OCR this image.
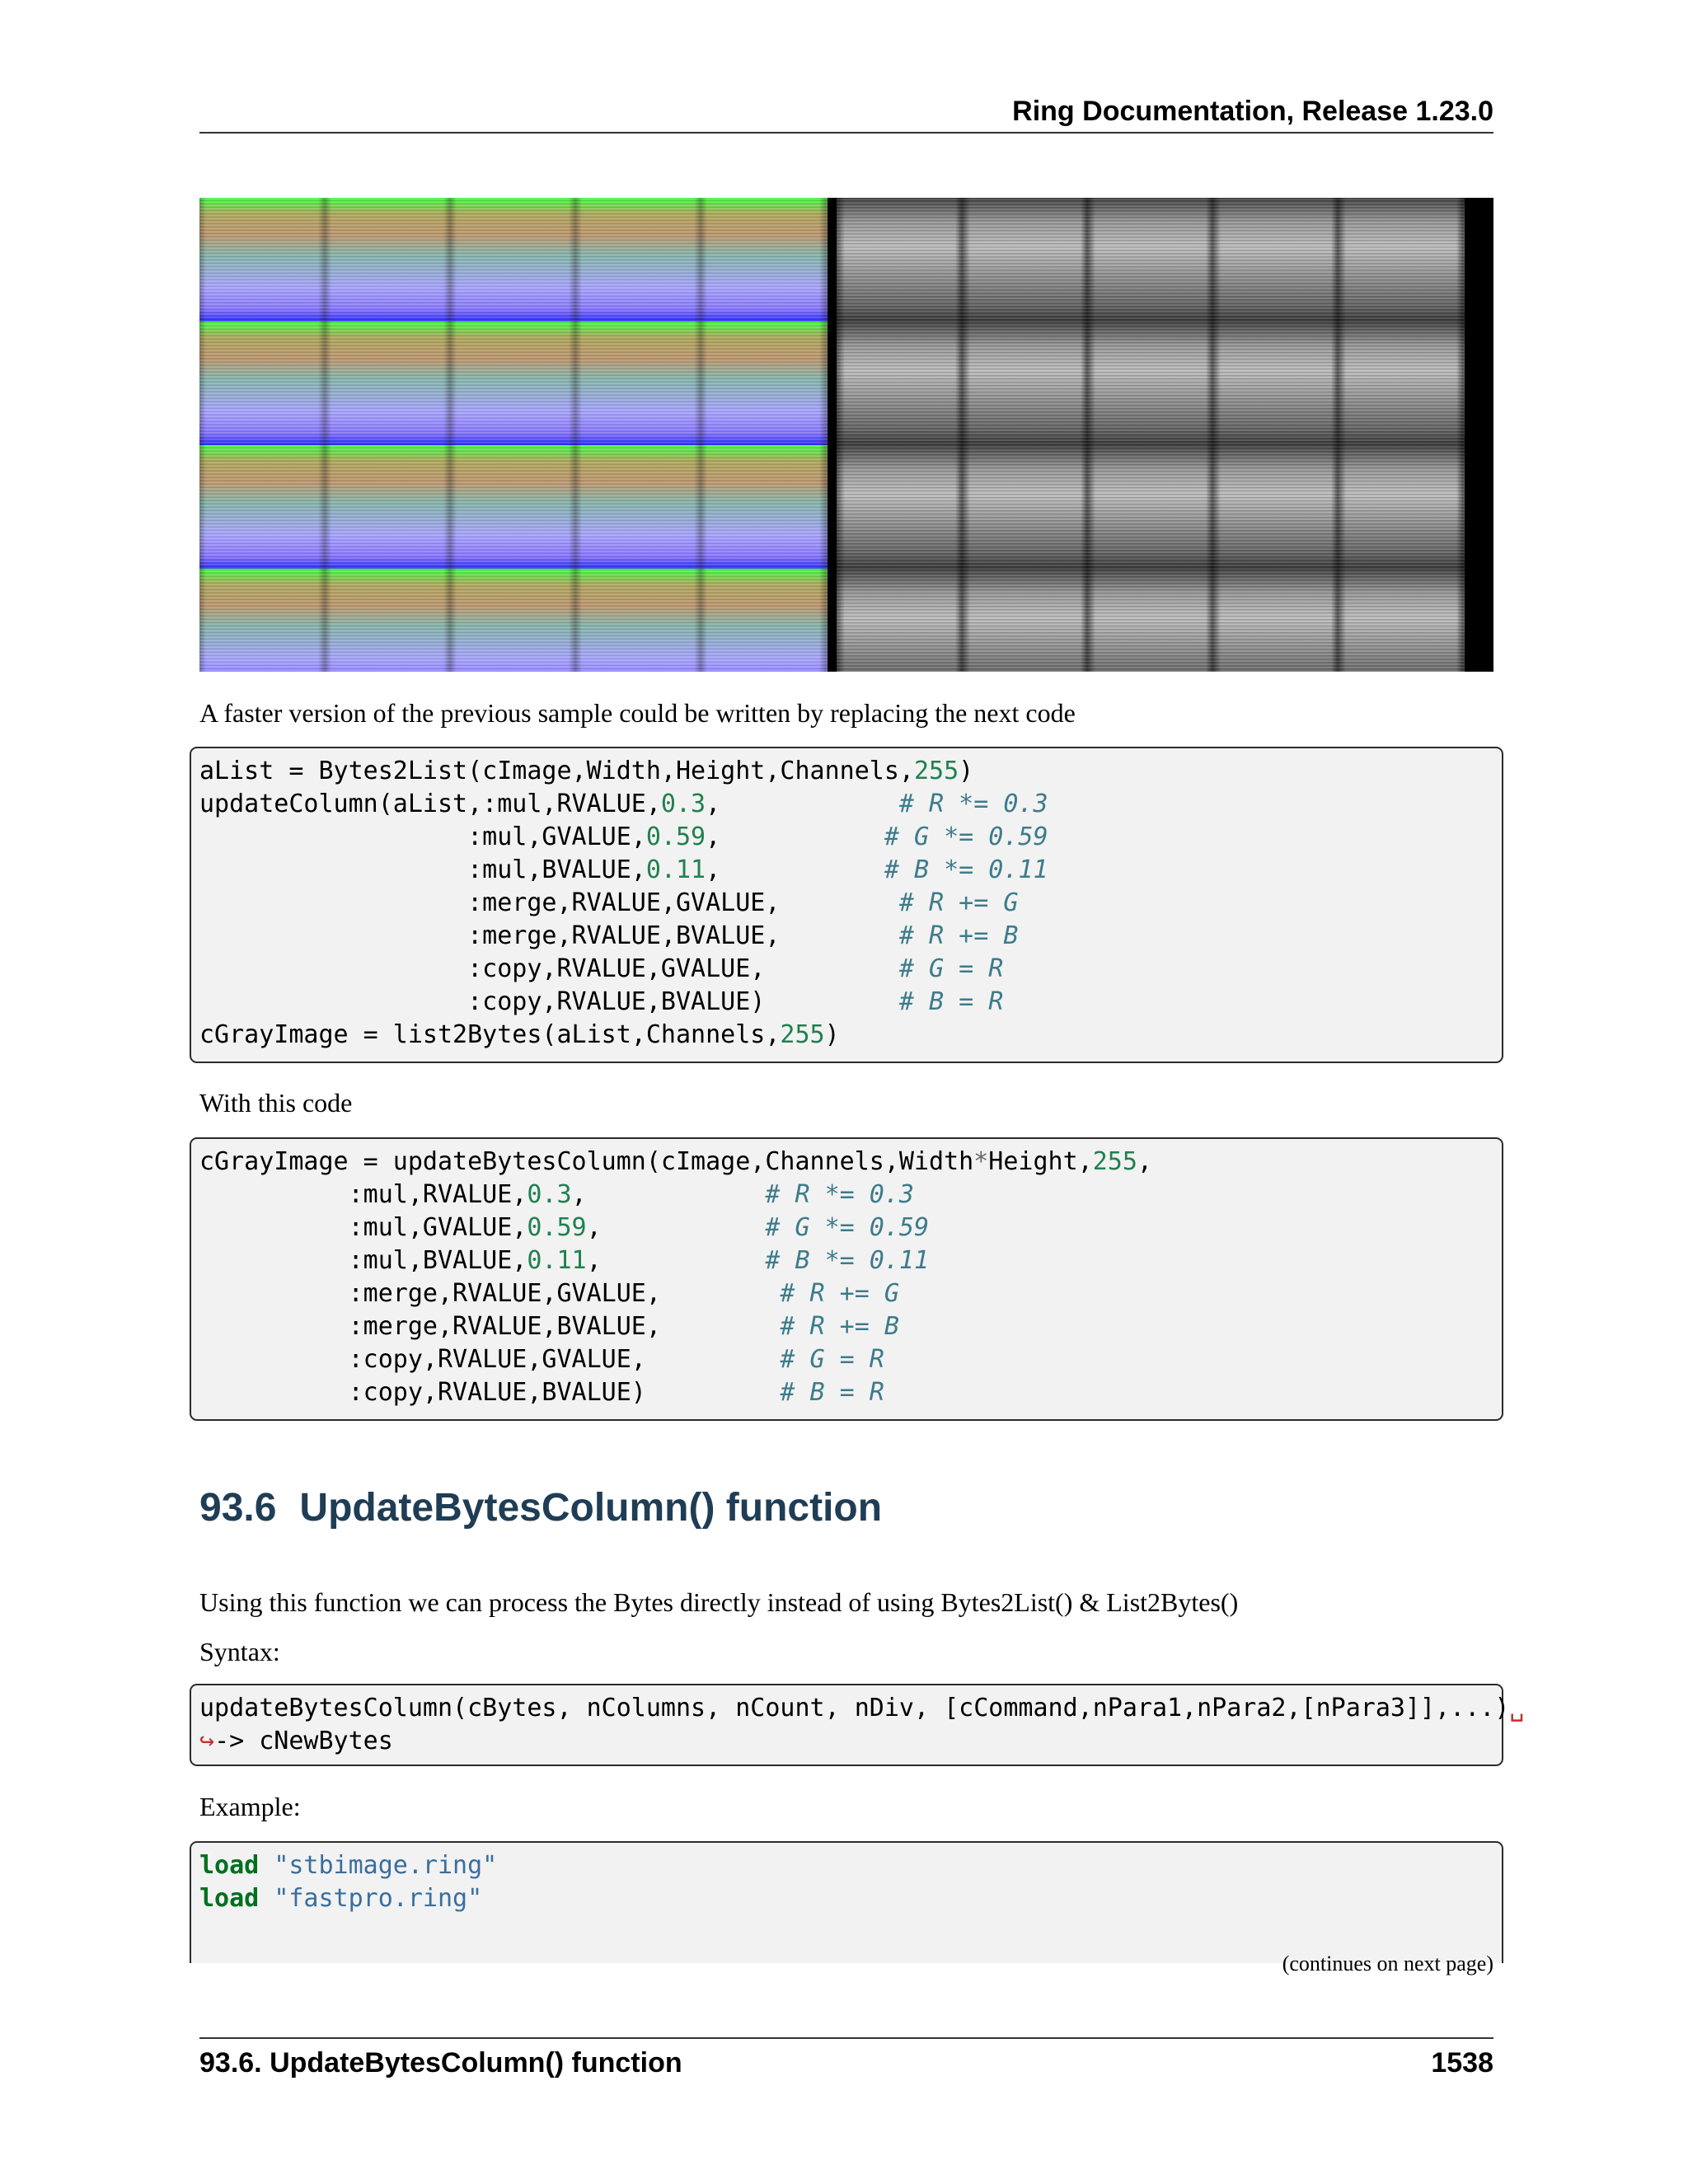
Ring Documentation, Release 1.23.0
A faster version of the previous sample could be written by replacing the next code
aList = Bytes2List(cImage,Width,Height,Channels,255)
updateColumn(aList,:mul,RVALUE,0.3,            # R *= 0.3
:mul,GVALUE,0.59,           # G *= 0.59
:mul,BVALUE,0.11,           # B *= 0.11
:merge,RVALUE,GVALUE,        # R += G
:merge,RVALUE,BVALUE,        # R += B
:copy,RVALUE,GVALUE,         # G = R
:copy,RVALUE,BVALUE)         # B = R
cGrayImage = list2Bytes(aList,Channels,255)
With this code
cGrayImage = updateBytesColumn(cImage,Channels,Width*Height,255,
:mul,RVALUE,0.3,            # R *= 0.3
:mul,GVALUE,0.59,           # G *= 0.59
:mul,BVALUE,0.11,           # B *= 0.11
:merge,RVALUE,GVALUE,        # R += G
:merge,RVALUE,BVALUE,        # R += B
:copy,RVALUE,GVALUE,         # G = R
:copy,RVALUE,BVALUE)         # B = R
93.6 UpdateBytesColumn() function
Using this function we can process the Bytes directly instead of using Bytes2List() & List2Bytes()
Syntax:
updateBytesColumn(cBytes, nColumns, nCount, nDiv, [cCommand,nPara1,nPara2,[nPara3]],...)␣
↪-> cNewBytes
Example:
load "stbimage.ring"
load "fastpro.ring"
(continues on next page)
93.6. UpdateBytesColumn() function	1538
